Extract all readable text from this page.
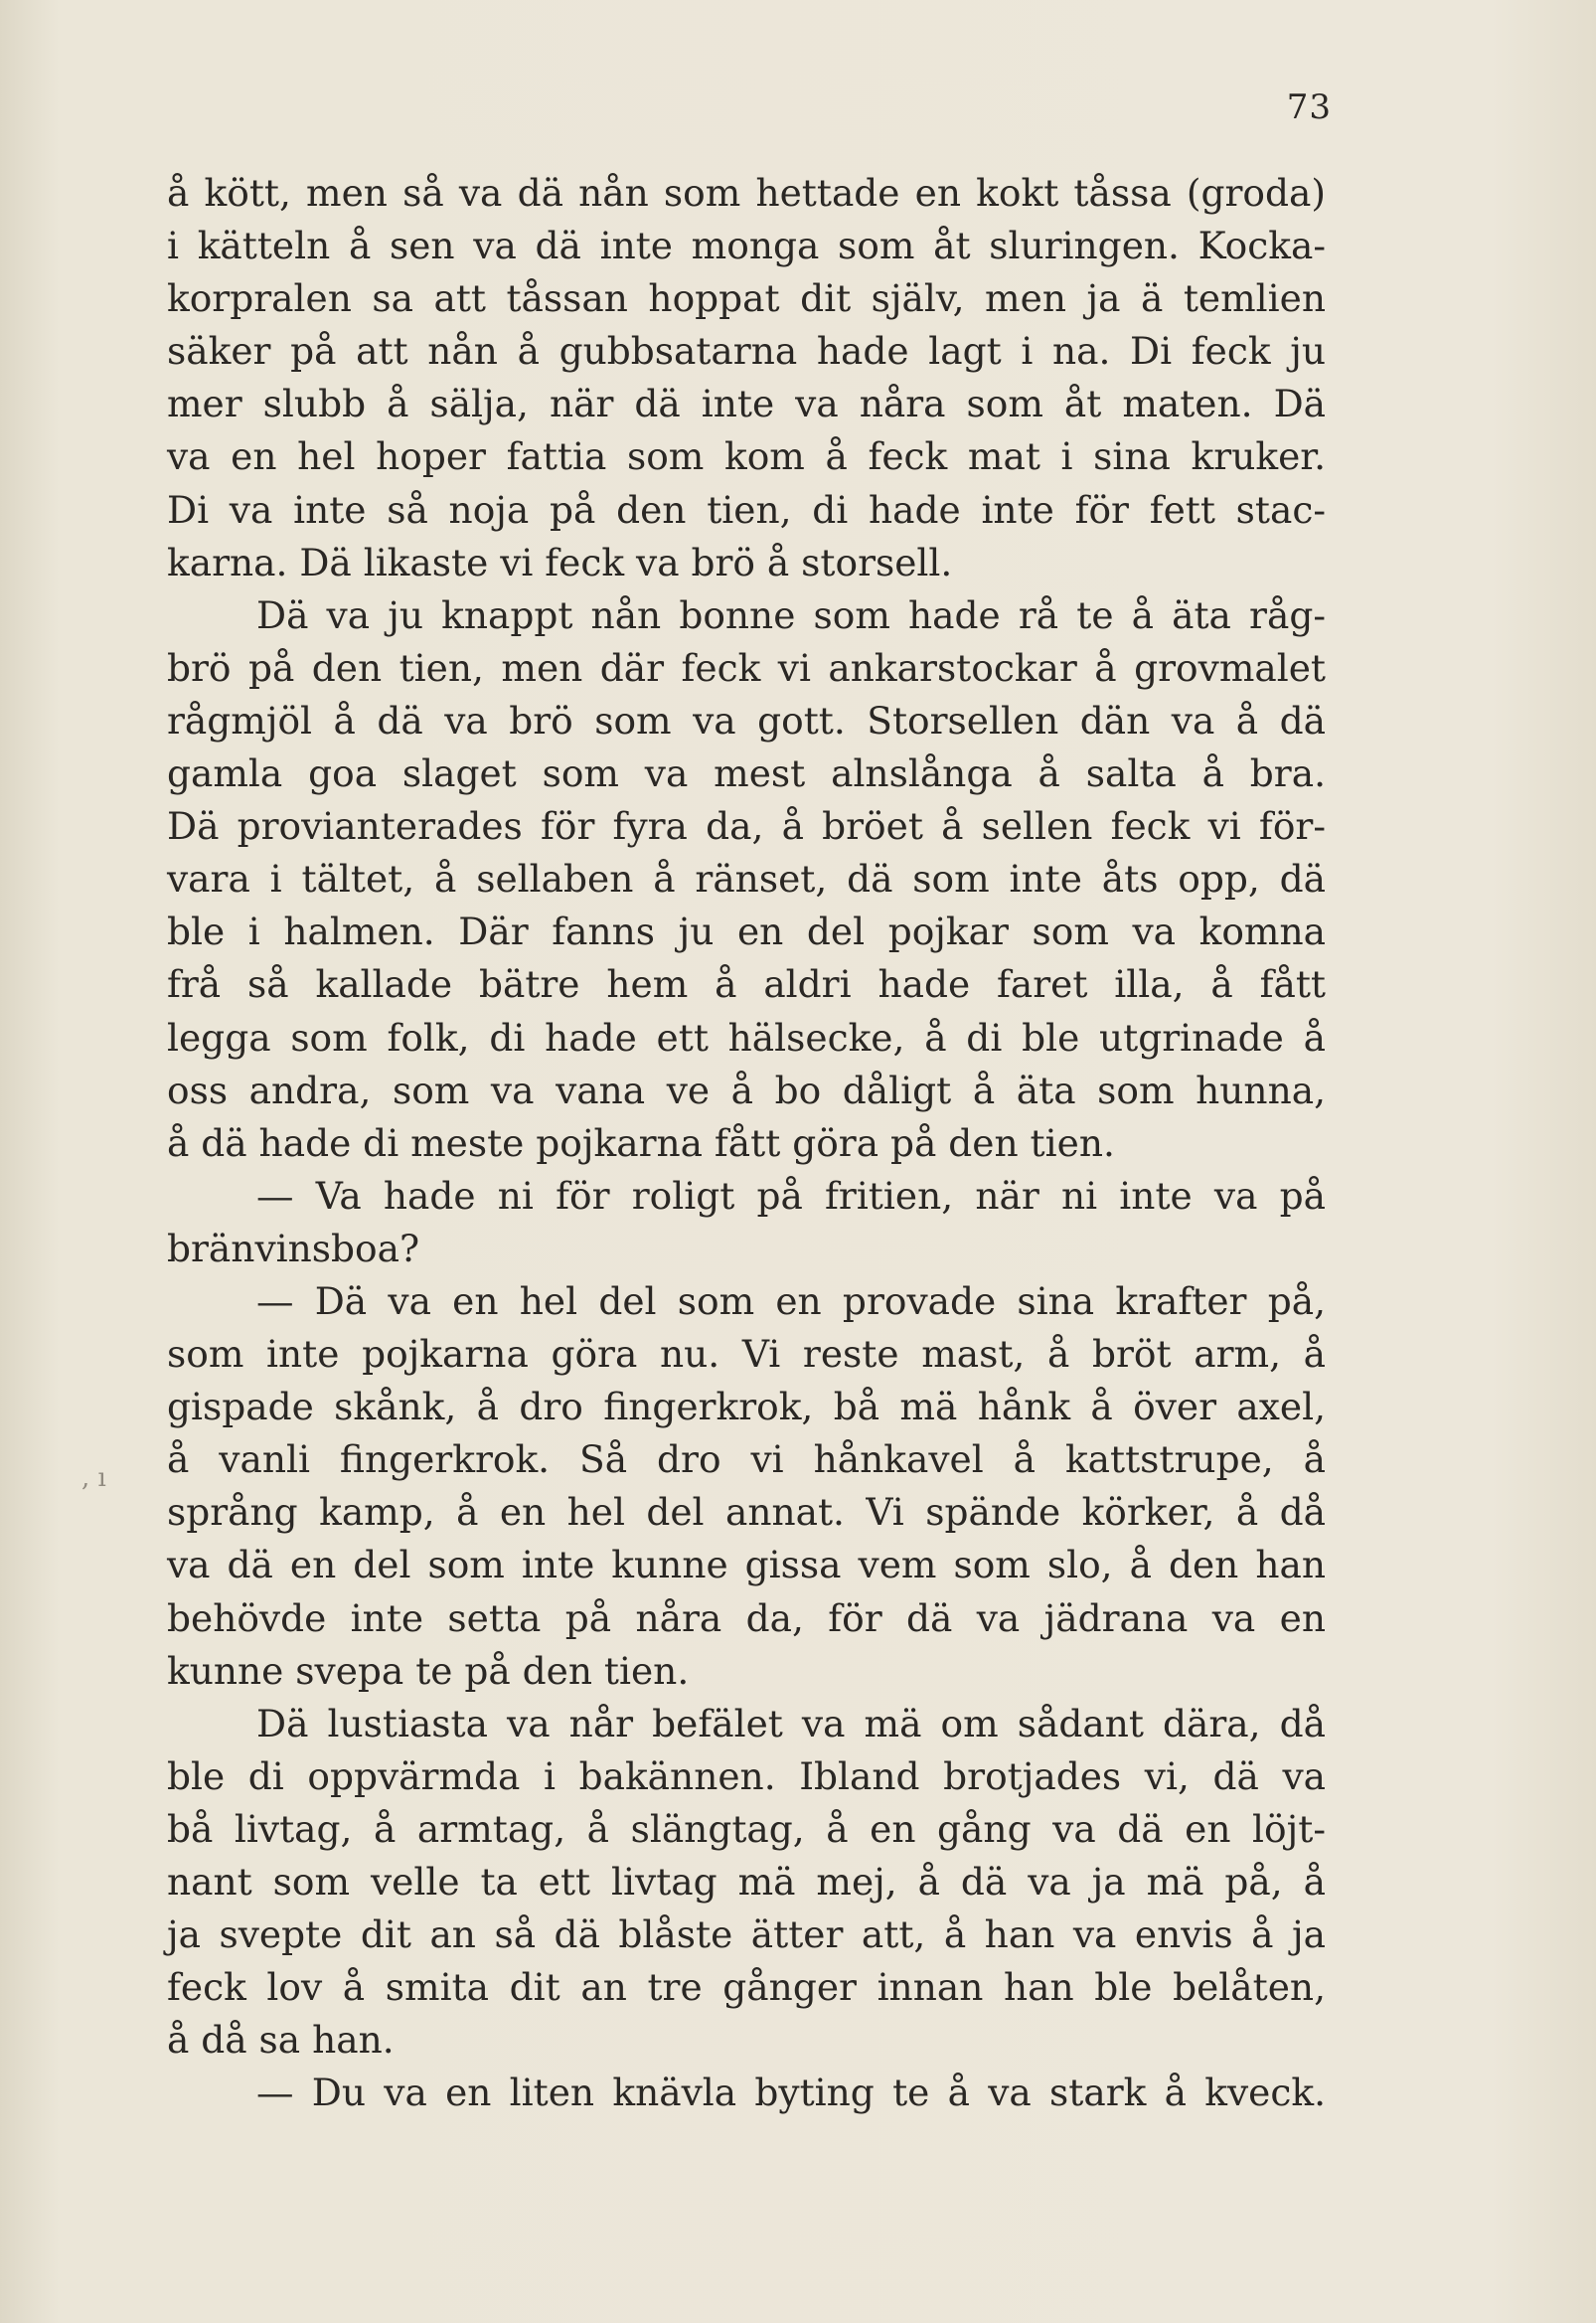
73
, ı
å kött, men så va dä nån som hettade en kokt tåssa (groda)
i kätteln å sen va dä inte monga som åt sluringen. Kocka-
korpralen sa att tåssan hoppat dit själv, men ja ä temlien
säker på att nån å gubbsatarna hade lagt i na. Di feck ju
mer slubb å sälja, när dä inte va nåra som åt maten. Dä
va en hel hoper fattia som kom å feck mat i sina kruker.
Di va inte så noja på den tien, di hade inte för fett stac-
karna. Dä likaste vi feck va brö å storsell.
Dä va ju knappt nån bonne som hade rå te å äta råg-
brö på den tien, men där feck vi ankarstockar å grovmalet
rågmjöl å dä va brö som va gott. Storsellen dän va å dä
gamla goa slaget som va mest alnslånga å salta å bra.
Dä provianterades för fyra da, å bröet å sellen feck vi för-
vara i tältet, å sellaben å ränset, dä som inte åts opp, dä
ble i halmen. Där fanns ju en del pojkar som va komna
frå så kallade bätre hem å aldri hade faret illa, å fått
legga som folk, di hade ett hälsecke, å di ble utgrinade å
oss andra, som va vana ve å bo dåligt å äta som hunna,
å dä hade di meste pojkarna fått göra på den tien.
— Va hade ni för roligt på fritien, när ni inte va på
bränvinsboa?
— Dä va en hel del som en provade sina krafter på,
som inte pojkarna göra nu. Vi reste mast, å bröt arm, å
gispade skånk, å dro fingerkrok, bå mä hånk å över axel,
å vanli fingerkrok. Så dro vi hånkavel å kattstrupe, å
språng kamp, å en hel del annat. Vi spände körker, å då
va dä en del som inte kunne gissa vem som slo, å den han
behövde inte setta på nåra da, för dä va jädrana va en
kunne svepa te på den tien.
Dä lustiasta va når befälet va mä om sådant dära, då
ble di oppvärmda i bakännen. Ibland brotjades vi, dä va
bå livtag, å armtag, å slängtag, å en gång va dä en löjt-
nant som velle ta ett livtag mä mej, å dä va ja mä på, å
ja svepte dit an så dä blåste ätter att, å han va envis å ja
feck lov å smita dit an tre gånger innan han ble belåten,
å då sa han.
— Du va en liten knävla byting te å va stark å kveck.
